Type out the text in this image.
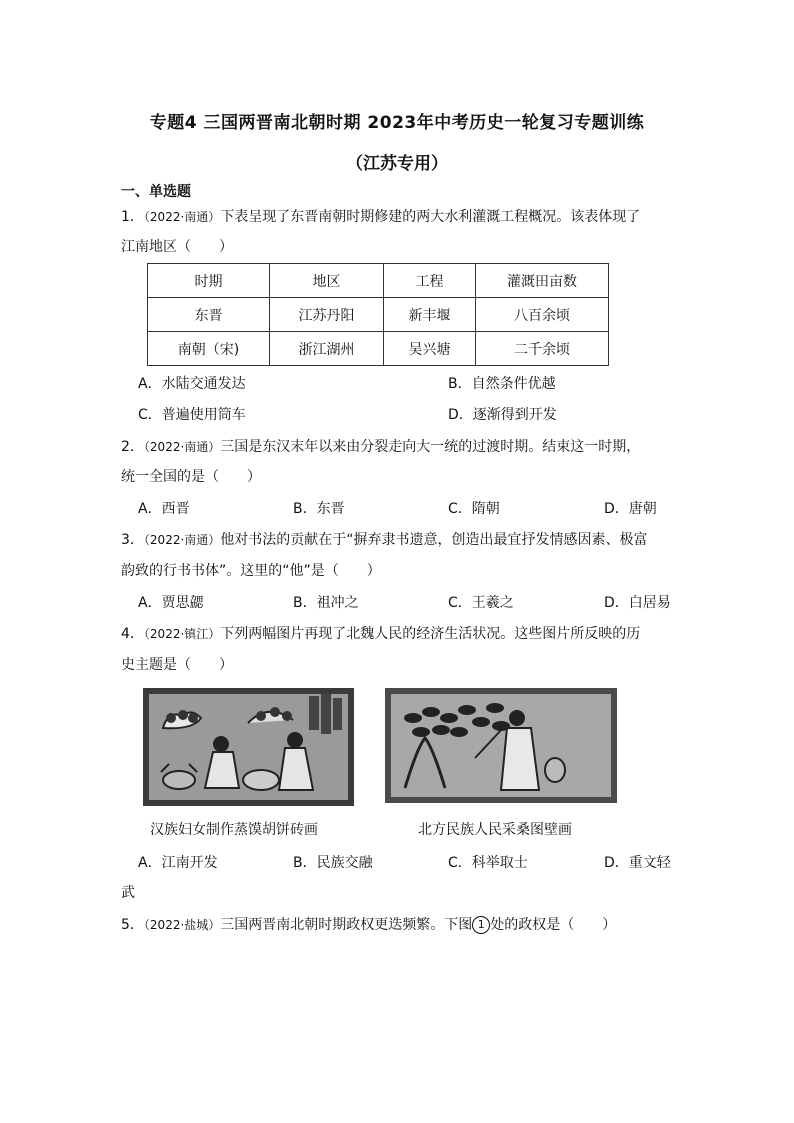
专题4 三国两晋南北朝时期 2023年中考历史一轮复习专题训练
（江苏专用）
一、单选题
1．（2022·南通）下表呈现了东晋南朝时期修建的两大水利灌溉工程概况。该表体现了
江南地区（　　）
时期	地区	工程	灌溉田亩数
东晋	江苏丹阳	新丰堰	八百余顷
南朝（宋)	浙江湖州	吴兴塘	二千余顷
A．水陆交通发达	B．自然条件优越
C．普遍使用筒车	D．逐渐得到开发
2．（2022·南通）三国是东汉末年以来由分裂走向大一统的过渡时期。结束这一时期，
统一全国的是（　　）
A．西晋	B．东晋	C．隋朝	D．唐朝
3．（2022·南通）他对书法的贡献在于“摒弃隶书遗意，创造出最宜抒发情感因素、极富
韵致的行书书体”。这里的“他”是（　　）
A．贾思勰	B．祖冲之	C．王羲之	D．白居易
4．（2022·镇江）下列两幅图片再现了北魏人民的经济生活状况。这些图片所反映的历
史主题是（　　）
汉族妇女制作蒸馍胡饼砖画	北方民族人民采桑图壁画
A．江南开发	B．民族交融	C．科举取士	D．重文轻
武
5．（2022·盐城）三国两晋南北朝时期政权更迭频繁。下图 1 处的政权是（　　）
